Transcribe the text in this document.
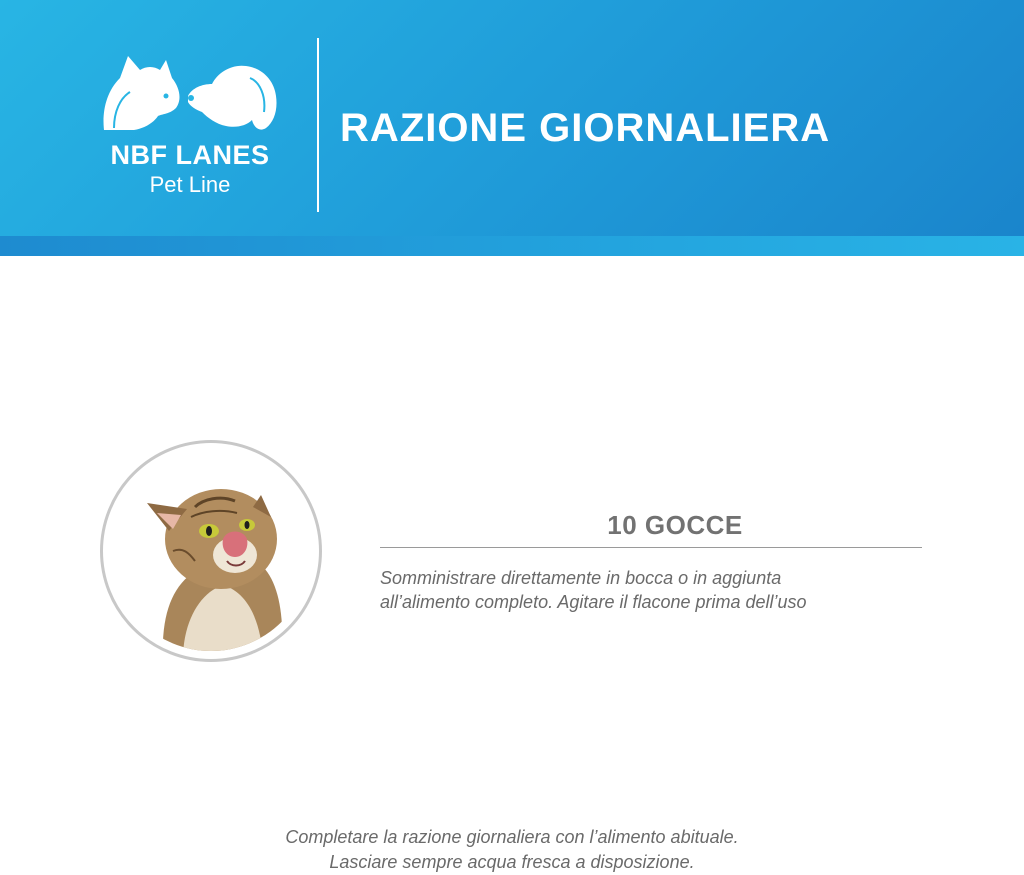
NBF LANES
Pet Line
RAZIONE GIORNALIERA
10 GOCCE
Somministrare direttamente in bocca o in aggiunta
all’alimento completo. Agitare il flacone prima dell’uso
Completare la razione giornaliera con l’alimento abituale.
Lasciare sempre acqua fresca a disposizione.
